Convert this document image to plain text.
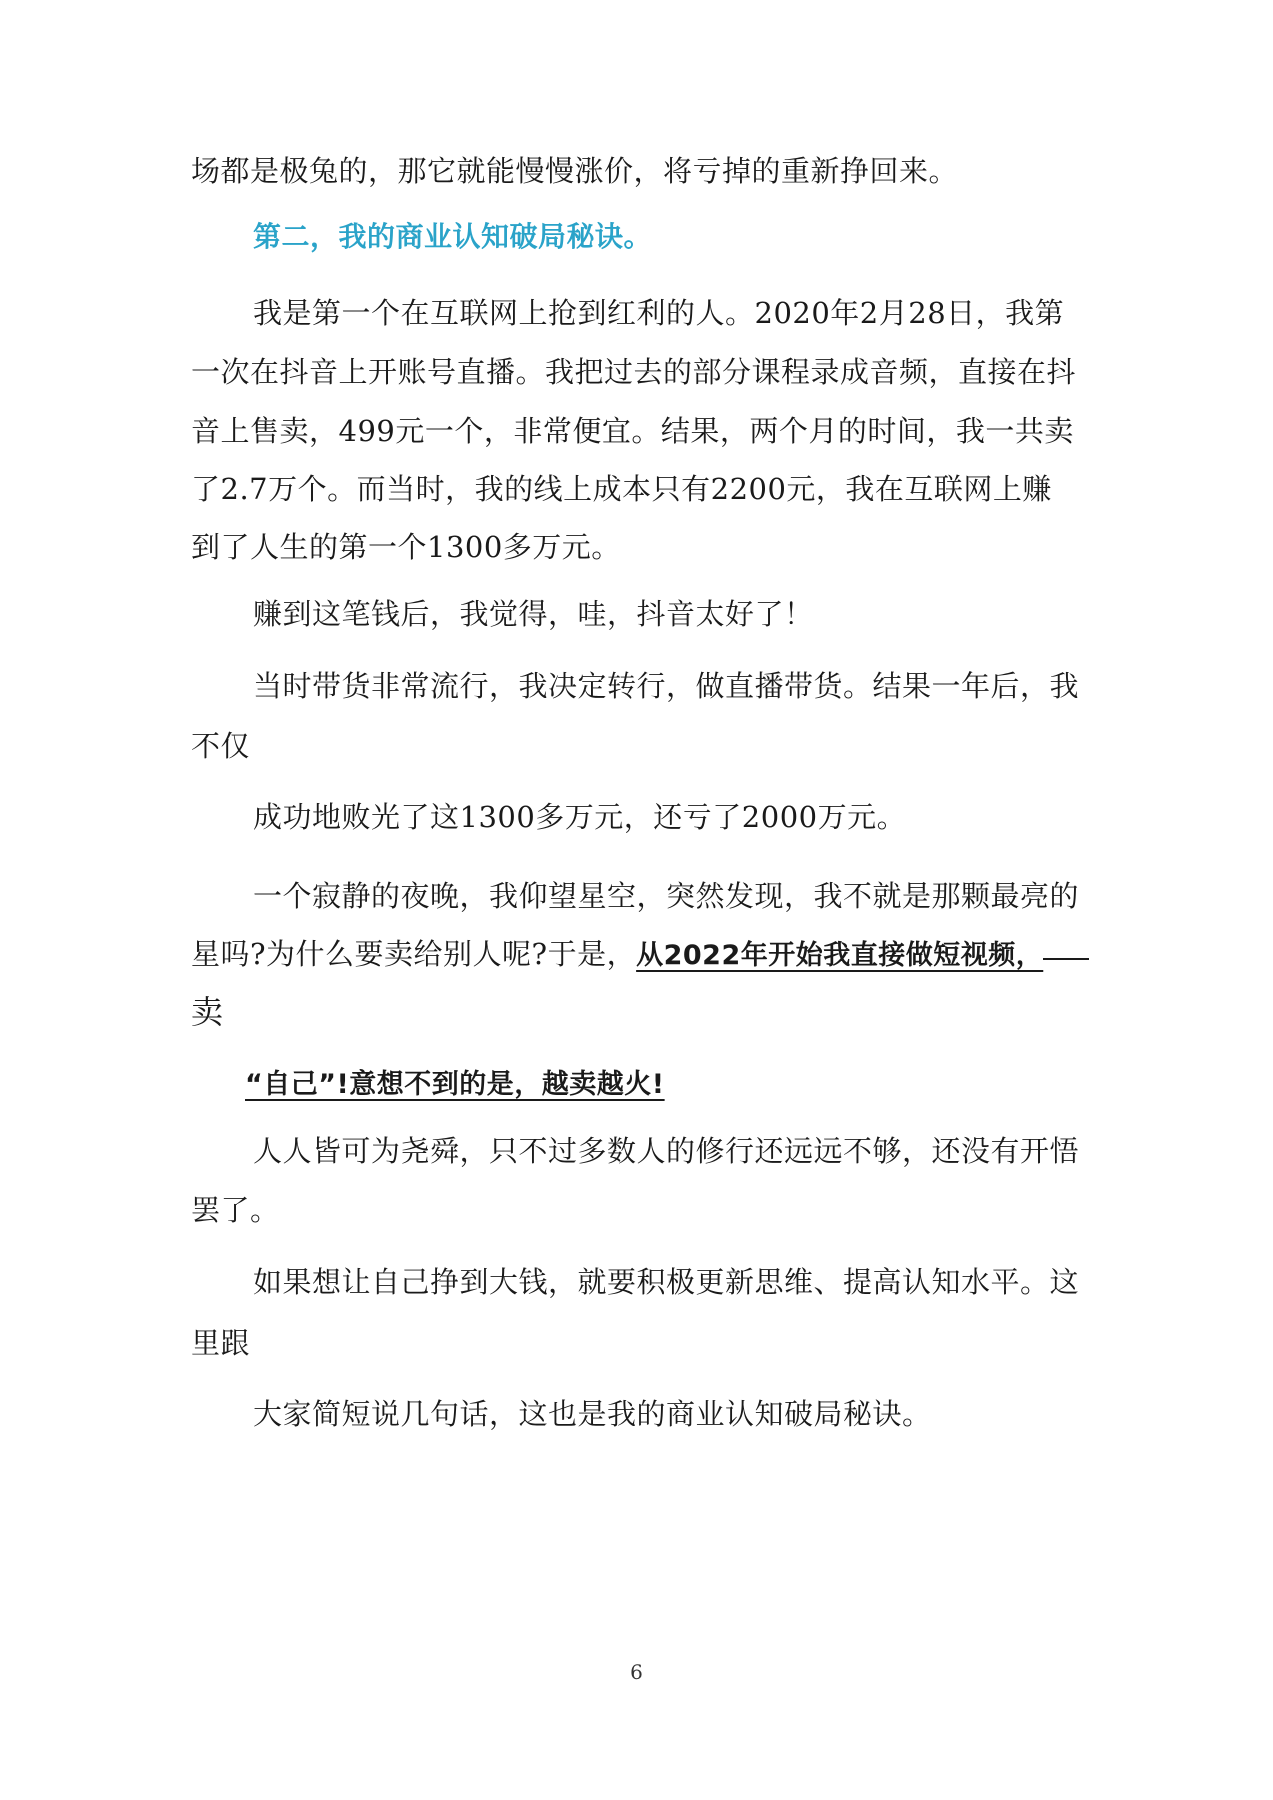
场都是极兔的，那它就能慢慢涨价，将亏掉的重新挣回来。
第二，我的商业认知破局秘诀。
我是第一个在互联网上抢到红利的人。2020年2月28日，我第
一次在抖音上开账号直播。我把过去的部分课程录成音频，直接在抖
音上售卖，499元一个，非常便宜。结果，两个月的时间，我一共卖
了2.7万个。而当时，我的线上成本只有2200元，我在互联网上赚
到了人生的第一个1300多万元。
赚到这笔钱后，我觉得，哇，抖音太好了！
当时带货非常流行，我决定转行，做直播带货。结果一年后，我
不仅
成功地败光了这1300多万元，还亏了2000万元。
一个寂静的夜晚，我仰望星空，突然发现，我不就是那颗最亮的
星吗?为什么要卖给别人呢?于是，从2022年开始我直接做短视频，
卖
“自己”!意想不到的是，越卖越火!
人人皆可为尧舜，只不过多数人的修行还远远不够，还没有开悟
罢了。
如果想让自己挣到大钱，就要积极更新思维、提高认知水平。这
里跟
大家简短说几句话，这也是我的商业认知破局秘诀。
6
